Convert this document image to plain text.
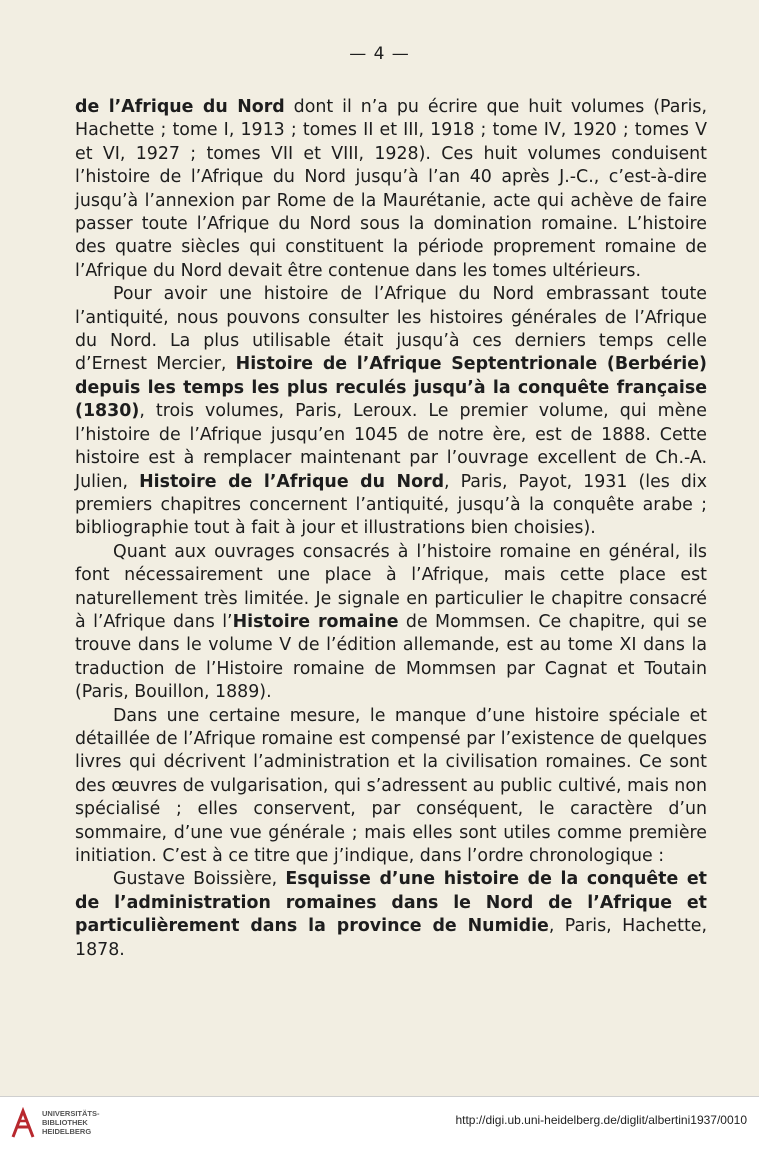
— 4 —

de l’Afrique du Nord dont il n’a pu écrire que huit volumes (Paris, Hachette ; tome I, 1913 ; tomes II et III, 1918 ; tome IV, 1920 ; tomes V et VI, 1927 ; tomes VII et VIII, 1928). Ces huit volumes conduisent l’histoire de l’Afrique du Nord jusqu’à l’an 40 après J.-C., c’est-à-dire jusqu’à l’annexion par Rome de la Maurétanie, acte qui achève de faire passer toute l’Afrique du Nord sous la domination romaine. L’histoire des quatre siècles qui constituent la période proprement romaine de l’Afrique du Nord devait être contenue dans les tomes ultérieurs.

Pour avoir une histoire de l’Afrique du Nord embrassant toute l’antiquité, nous pouvons consulter les histoires générales de l’Afrique du Nord. La plus utilisable était jusqu’à ces derniers temps celle d’Ernest Mercier, Histoire de l’Afrique Septentrionale (Berbérie) depuis les temps les plus reculés jusqu’à la conquête française (1830), trois volumes, Paris, Leroux. Le premier volume, qui mène l’histoire de l’Afrique jusqu’en 1045 de notre ère, est de 1888. Cette histoire est à remplacer maintenant par l’ouvrage excellent de Ch.-A. Julien, Histoire de l’Afrique du Nord, Paris, Payot, 1931 (les dix premiers chapitres concernent l’antiquité, jusqu’à la conquête arabe ; bibliographie tout à fait à jour et illustrations bien choisies).

Quant aux ouvrages consacrés à l’histoire romaine en général, ils font nécessairement une place à l’Afrique, mais cette place est naturellement très limitée. Je signale en particulier le chapitre consacré à l’Afrique dans l’Histoire romaine de Mommsen. Ce chapitre, qui se trouve dans le volume V de l’édition allemande, est au tome XI dans la traduction de l’Histoire romaine de Mommsen par Cagnat et Toutain (Paris, Bouillon, 1889).

Dans une certaine mesure, le manque d’une histoire spéciale et détaillée de l’Afrique romaine est compensé par l’existence de quelques livres qui décrivent l’administration et la civilisation romaines. Ce sont des œuvres de vulgarisation, qui s’adressent au public cultivé, mais non spécialisé ; elles conservent, par conséquent, le caractère d’un sommaire, d’une vue générale ; mais elles sont utiles comme première initiation. C’est à ce titre que j’indique, dans l’ordre chronologique :

Gustave Boissière, Esquisse d’une histoire de la conquête et de l’administration romaines dans le Nord de l’Afrique et particulièrement dans la province de Numidie, Paris, Hachette, 1878.

UNIVERSITÄTS-
BIBLIOTHEK
HEIDELBERG
http://digi.ub.uni-heidelberg.de/diglit/albertini1937/0010
